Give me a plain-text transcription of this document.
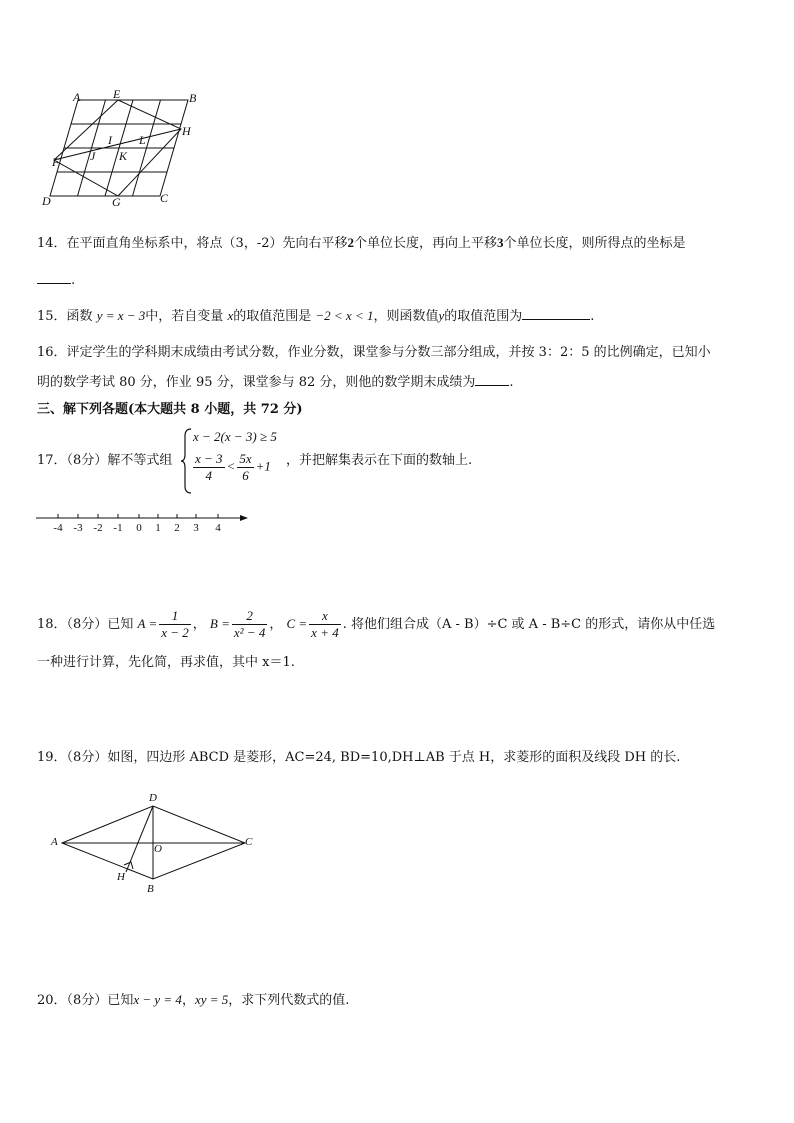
A	E	B
H
I L
F	J K
D	G	C
14．在平面直角坐标系中，将点（3，-2）先向右平移2个单位长度，再向上平移3个单位长度，则所得点的坐标是
.
15．函数 y = x − 3中，若自变量 x的取值范围是 −2 < x < 1，则函数值y的取值范围为	.
16．评定学生的学科期末成绩由考试分数，作业分数，课堂参与分数三部分组成，并按 3：2：5 的比例确定，已知小
明的数学考试 80 分，作业 95 分，课堂参与 82 分，则他的数学期末成绩为	.
三、解下列各题(本大题共 8 小题，共 72 分)
17．（8分）解不等式组
x − 2(x − 3) ≥ 5
$\frac{x - 3}{4} < \frac{5x}{6} +1$ ，并把解集表示在下面的数轴上.
-4 -3 -2 -1 0 1 2 3 4
18．（8分）已知 $A = \frac{1}{x - 2}$ ， $B = \frac{2}{\text{x² − 4}}$ ， $C = \frac{x}{x + 4}$ . 将他们组合成（A - B）÷C 或 A - B÷C 的形式，请你从中任选
一种进行计算，先化简，再求值，其中 x＝1.
19．（8分）如图，四边形 ABCD 是菱形，AC=24, BD=10,DH⊥AB 于点 H，求菱形的面积及线段 DH 的长.
A
D
C
O
H
B
20．（8分）已知x − y = 4，xy = 5，求下列代数式的值.
